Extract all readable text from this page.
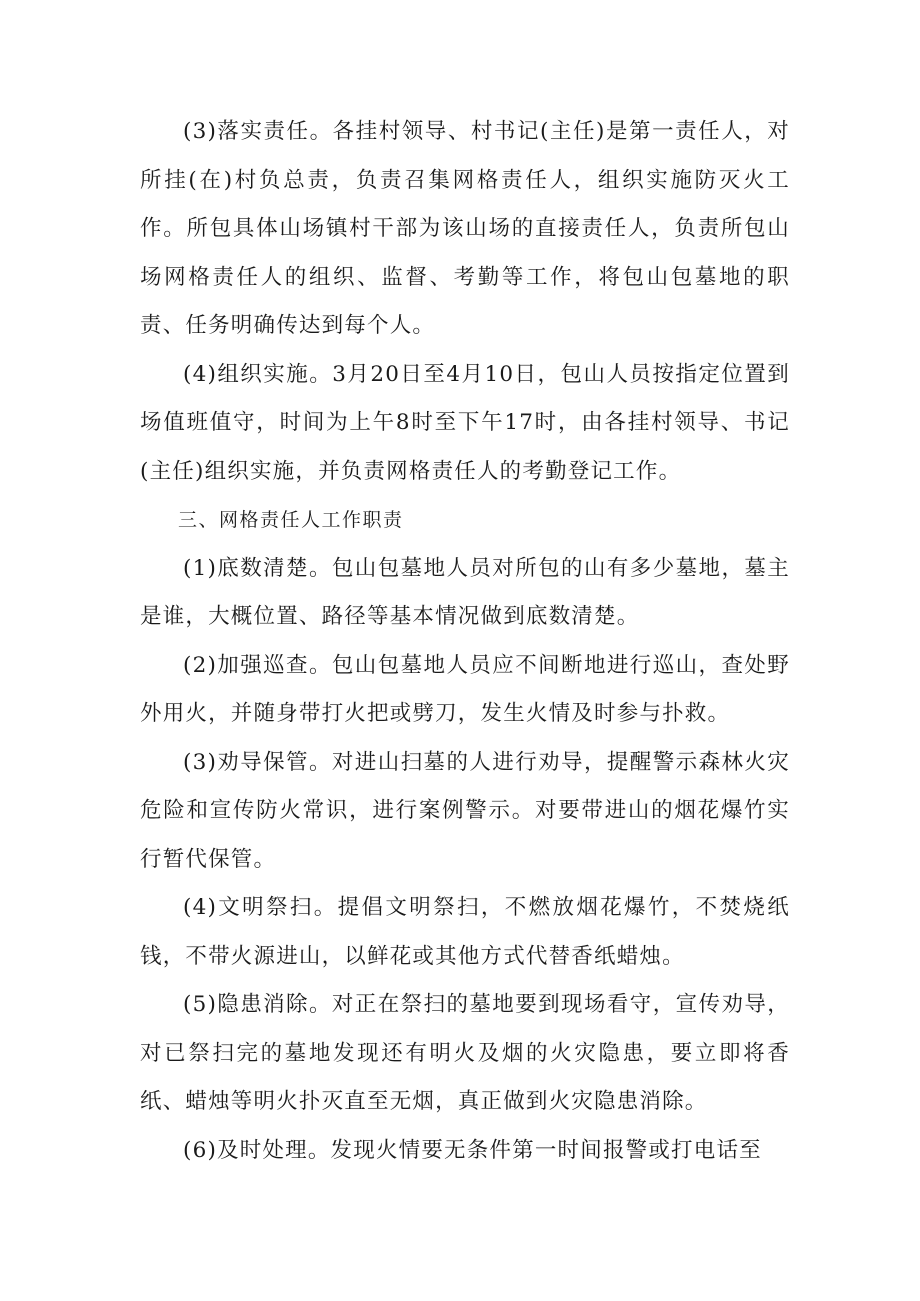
(3)落实责任。各挂村领导、村书记(主任)是第一责任人，对所挂(在)村负总责，负责召集网格责任人，组织实施防灭火工作。所包具体山场镇村干部为该山场的直接责任人，负责所包山场网格责任人的组织、监督、考勤等工作，将包山包墓地的职责、任务明确传达到每个人。

(4)组织实施。3月20日至4月10日，包山人员按指定位置到场值班值守，时间为上午8时至下午17时，由各挂村领导、书记(主任)组织实施，并负责网格责任人的考勤登记工作。

三、网格责任人工作职责

(1)底数清楚。包山包墓地人员对所包的山有多少墓地，墓主是谁，大概位置、路径等基本情况做到底数清楚。

(2)加强巡查。包山包墓地人员应不间断地进行巡山，查处野外用火，并随身带打火把或劈刀，发生火情及时参与扑救。

(3)劝导保管。对进山扫墓的人进行劝导，提醒警示森林火灾危险和宣传防火常识，进行案例警示。对要带进山的烟花爆竹实行暂代保管。

(4)文明祭扫。提倡文明祭扫，不燃放烟花爆竹，不焚烧纸钱，不带火源进山，以鲜花或其他方式代替香纸蜡烛。

(5)隐患消除。对正在祭扫的墓地要到现场看守，宣传劝导，对已祭扫完的墓地发现还有明火及烟的火灾隐患，要立即将香纸、蜡烛等明火扑灭直至无烟，真正做到火灾隐患消除。

(6)及时处理。发现火情要无条件第一时间报警或打电话至
